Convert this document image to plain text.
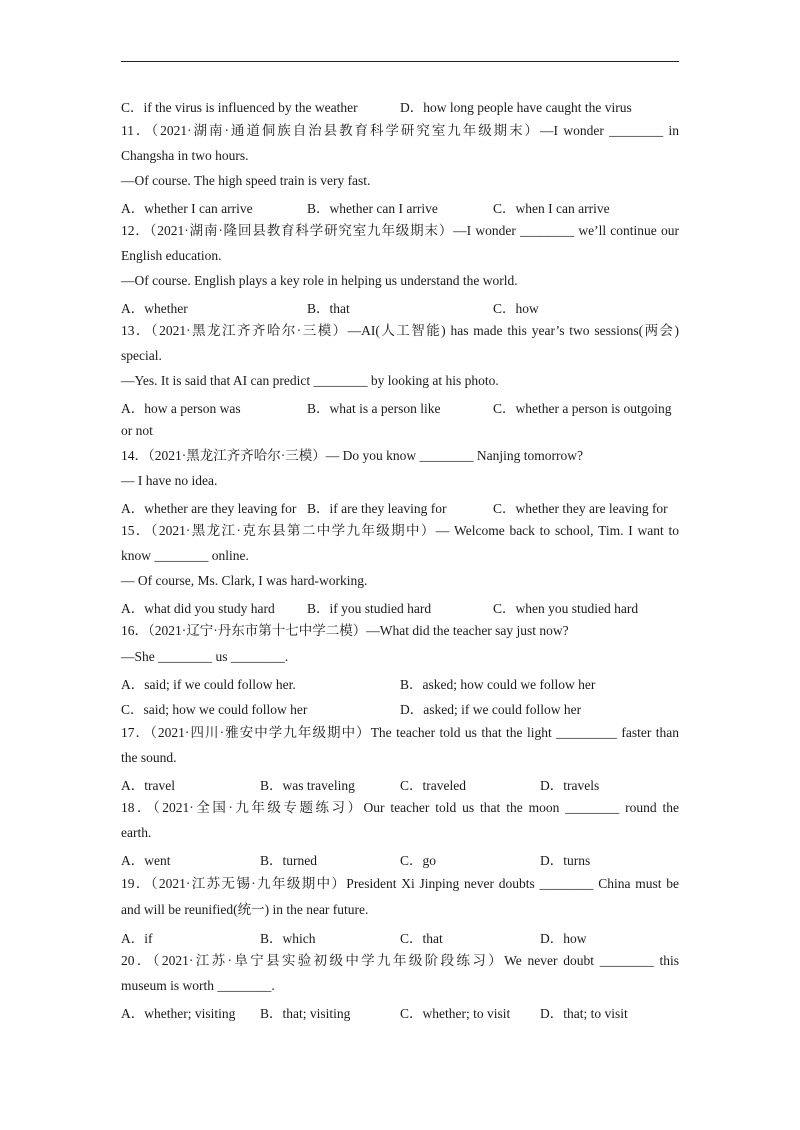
C．if the virus is influenced by the weather	D．how long people have caught the virus
11．（2021·湖南·通道侗族自治县教育科学研究室九年级期末）—I wonder ________ in
Changsha in two hours.
—Of course. The high speed train is very fast.
A．whether I can arrive	B．whether can I arrive	C．when I can arrive
12．（2021·湖南·隆回县教育科学研究室九年级期末）—I wonder ________ we’ll continue our
English education.
—Of course. English plays a key role in helping us understand the world.
A．whether	B．that	C．how
13．（2021·黑龙江齐齐哈尔·三模）—AI(人工智能) has made this year’s two sessions(两会)
special.
—Yes. It is said that AI can predict ________ by looking at his photo.
A．how a person was	B．what is a person like	C．whether a person is outgoing
or not
14．（2021·黑龙江齐齐哈尔·三模）— Do you know ________ Nanjing tomorrow?
— I have no idea.
A．whether are they leaving for B．if are they leaving for	C．whether they are leaving for
15．（2021·黑龙江·克东县第二中学九年级期中）— Welcome back to school, Tim. I want to
know ________ online.
— Of course, Ms. Clark, I was hard-working.
A．what did you study hard B．if you studied hard	C．when you studied hard
16．（2021·辽宁·丹东市第十七中学二模）—What did the teacher say just now?
—She ________ us ________.
A．said; if we could follow her.	B．asked; how could we follow her
C．said; how we could follow her	D．asked; if we could follow her
17．（2021·四川·雅安中学九年级期中）The teacher told us that the light _________ faster than
the sound.
A．travel	B．was traveling	C．traveled	D．travels
18．（2021·全国·九年级专题练习）Our teacher told us that the moon ________ round the
earth.
A．went	B．turned	C．go	D．turns
19．（2021·江苏无锡·九年级期中）President Xi Jinping never doubts ________ China must be
and will be reunified(统一) in the near future.
A．if	B．which	C．that	D．how
20．（2021·江苏·阜宁县实验初级中学九年级阶段练习）We never doubt ________ this
museum is worth ________.
A．whether; visiting B．that; visiting	C．whether; to visit D．that; to visit
